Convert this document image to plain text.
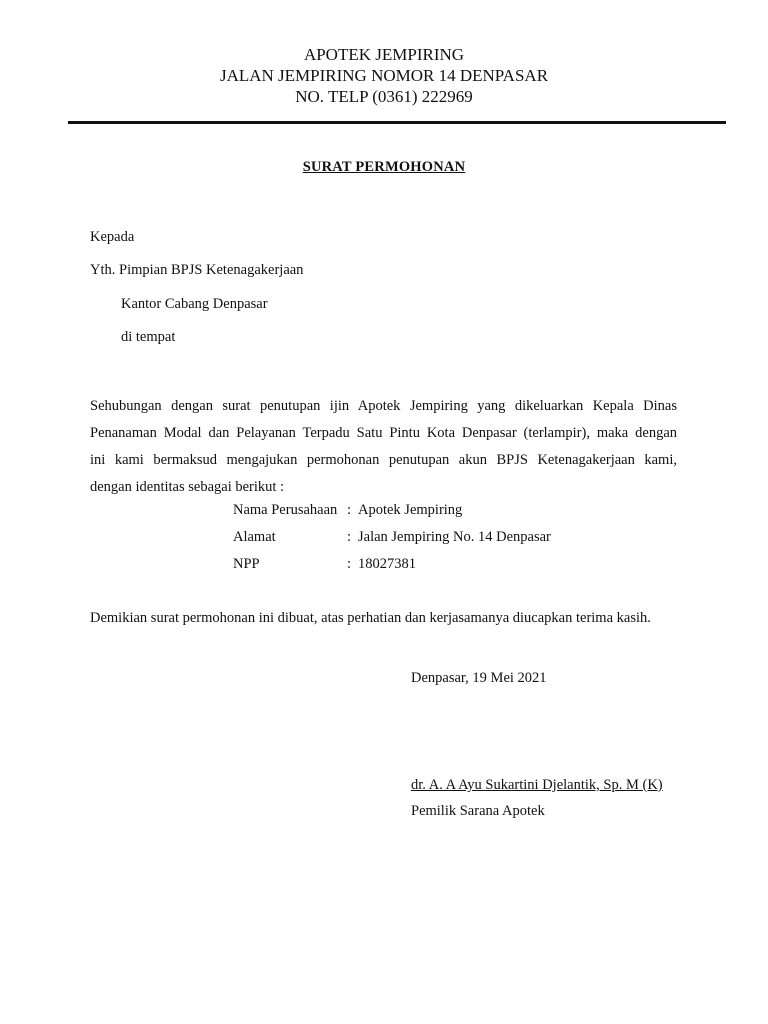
APOTEK JEMPIRING
JALAN JEMPIRING NOMOR 14 DENPASAR
NO. TELP (0361) 222969
SURAT PERMOHONAN
Kepada
Yth. Pimpian BPJS Ketenagakerjaan
Kantor Cabang Denpasar
di tempat
Sehubungan dengan surat penutupan ijin Apotek Jempiring yang dikeluarkan Kepala Dinas
Penanaman Modal dan Pelayanan Terpadu Satu Pintu Kota Denpasar (terlampir), maka dengan
ini kami bermaksud mengajukan permohonan penutupan akun BPJS Ketenagakerjaan kami,
dengan identitas sebagai berikut :
Nama Perusahaan : Apotek Jempiring
Alamat	: Jalan Jempiring No. 14 Denpasar
NPP	: 18027381
Demikian surat permohonan ini dibuat, atas perhatian dan kerjasamanya diucapkan terima kasih.
Denpasar, 19 Mei 2021
dr. A. A Ayu Sukartini Djelantik, Sp. M (K)
Pemilik Sarana Apotek
